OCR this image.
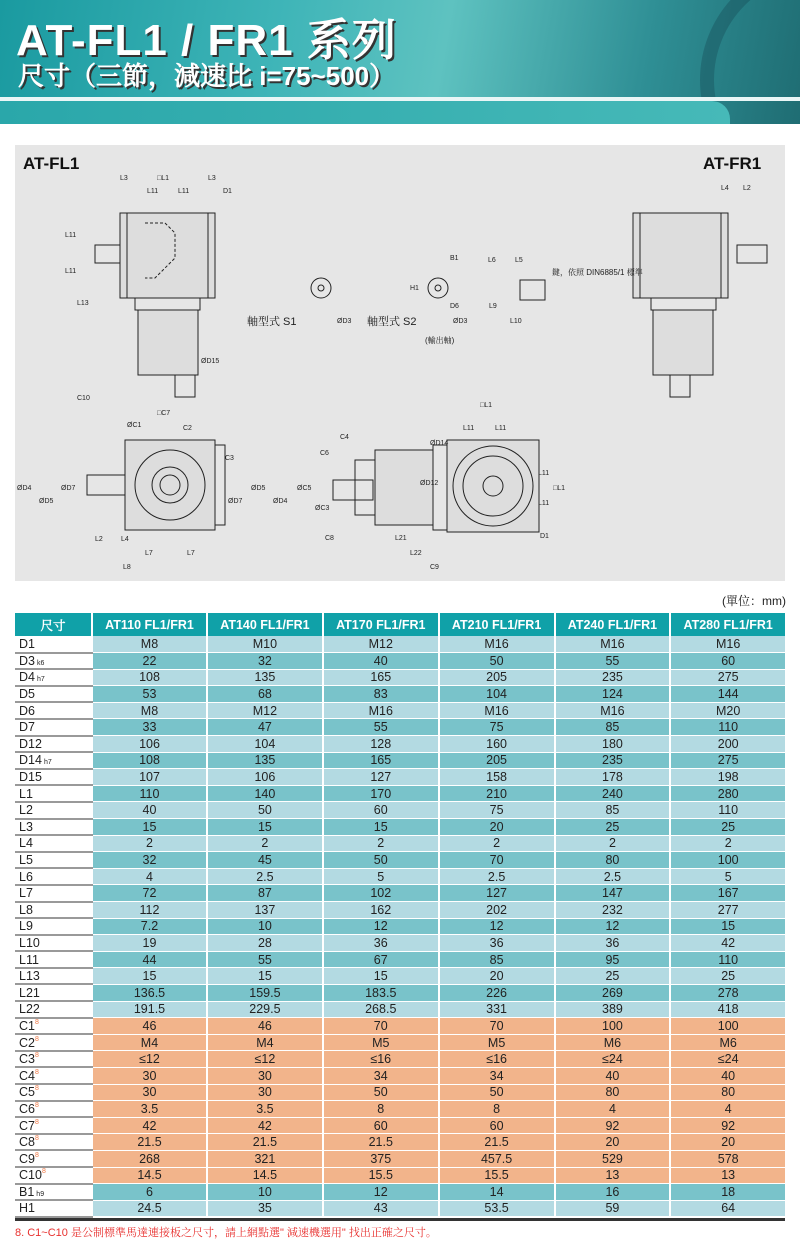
AT-FL1 / FR1 系列
尺寸（三節，減速比 i=75~500）
AT-FL1	AT-FR1
軸型式 S1	軸型式 S2
(輸出軸)
鍵，依照 DIN6885/1 標準
L3	□L1	L3
L11	L11	D1
L11
L11
L13
ØD15
C10
□C7
ØC1	C2
C3
ØD4
ØD5
ØD7
ØD7
ØD5
ØD4
L2	L4
L7	L7
L8
L4 L2
B1
H1
D6
ØD3	ØD3
L6	L5
L9
L10
C4
C6
ØC5
ØC3
ØD12
ØD14
C8	L21
L22
C9
□L1
L11	L11
L11
L11
□L1
D1
(單位：mm)
尺寸	AT110 FL1/FR1	AT140 FL1/FR1	AT170 FL1/FR1	AT210 FL1/FR1	AT240 FL1/FR1	AT280 FL1/FR1
D1	M8	M10	M12	M16	M16	M16
D3 k6	22	32	40	50	55	60
D4 h7	108	135	165	205	235	275
D5	53	68	83	104	124	144
D6	M8	M12	M16	M16	M16	M20
D7	33	47	55	75	85	110
D12	106	104	128	160	180	200
D14 h7	108	135	165	205	235	275
D15	107	106	127	158	178	198
L1	110	140	170	210	240	280
L2	40	50	60	75	85	110
L3	15	15	15	20	25	25
L4	2	2	2	2	2	2
L5	32	45	50	70	80	100
L6	4	2.5	5	2.5	2.5	5
L7	72	87	102	127	147	167
L8	112	137	162	202	232	277
L9	7.2	10	12	12	12	15
L10	19	28	36	36	36	42
L11	44	55	67	85	95	110
L13	15	15	15	20	25	25
L21	136.5	159.5	183.5	226	269	278
L22	191.5	229.5	268.5	331	389	418
$C1^8$	46	46	70	70	100	100
$C2^8$	M4	M4	M5	M5	M6	M6
$C3^8$	≤12	≤12	≤16	≤16	≤24	≤24
$C4^8$	30	30	34	34	40	40
$C5^8$	30	30	50	50	80	80
$C6^8$	3.5	3.5	8	8	4	4
$C7^8$	42	42	60	60	92	92
$C8^8$	21.5	21.5	21.5	21.5	20	20
$C9^8$	268	321	375	457.5	529	578
$C10^8$	14.5	14.5	15.5	15.5	13	13
B1 h9	6	10	12	14	16	18
H1	24.5	35	43	53.5	59	64
8. C1~C10 是公制標準馬達連接板之尺寸，請上網點選" 減速機選用" 找出正確之尺寸。
